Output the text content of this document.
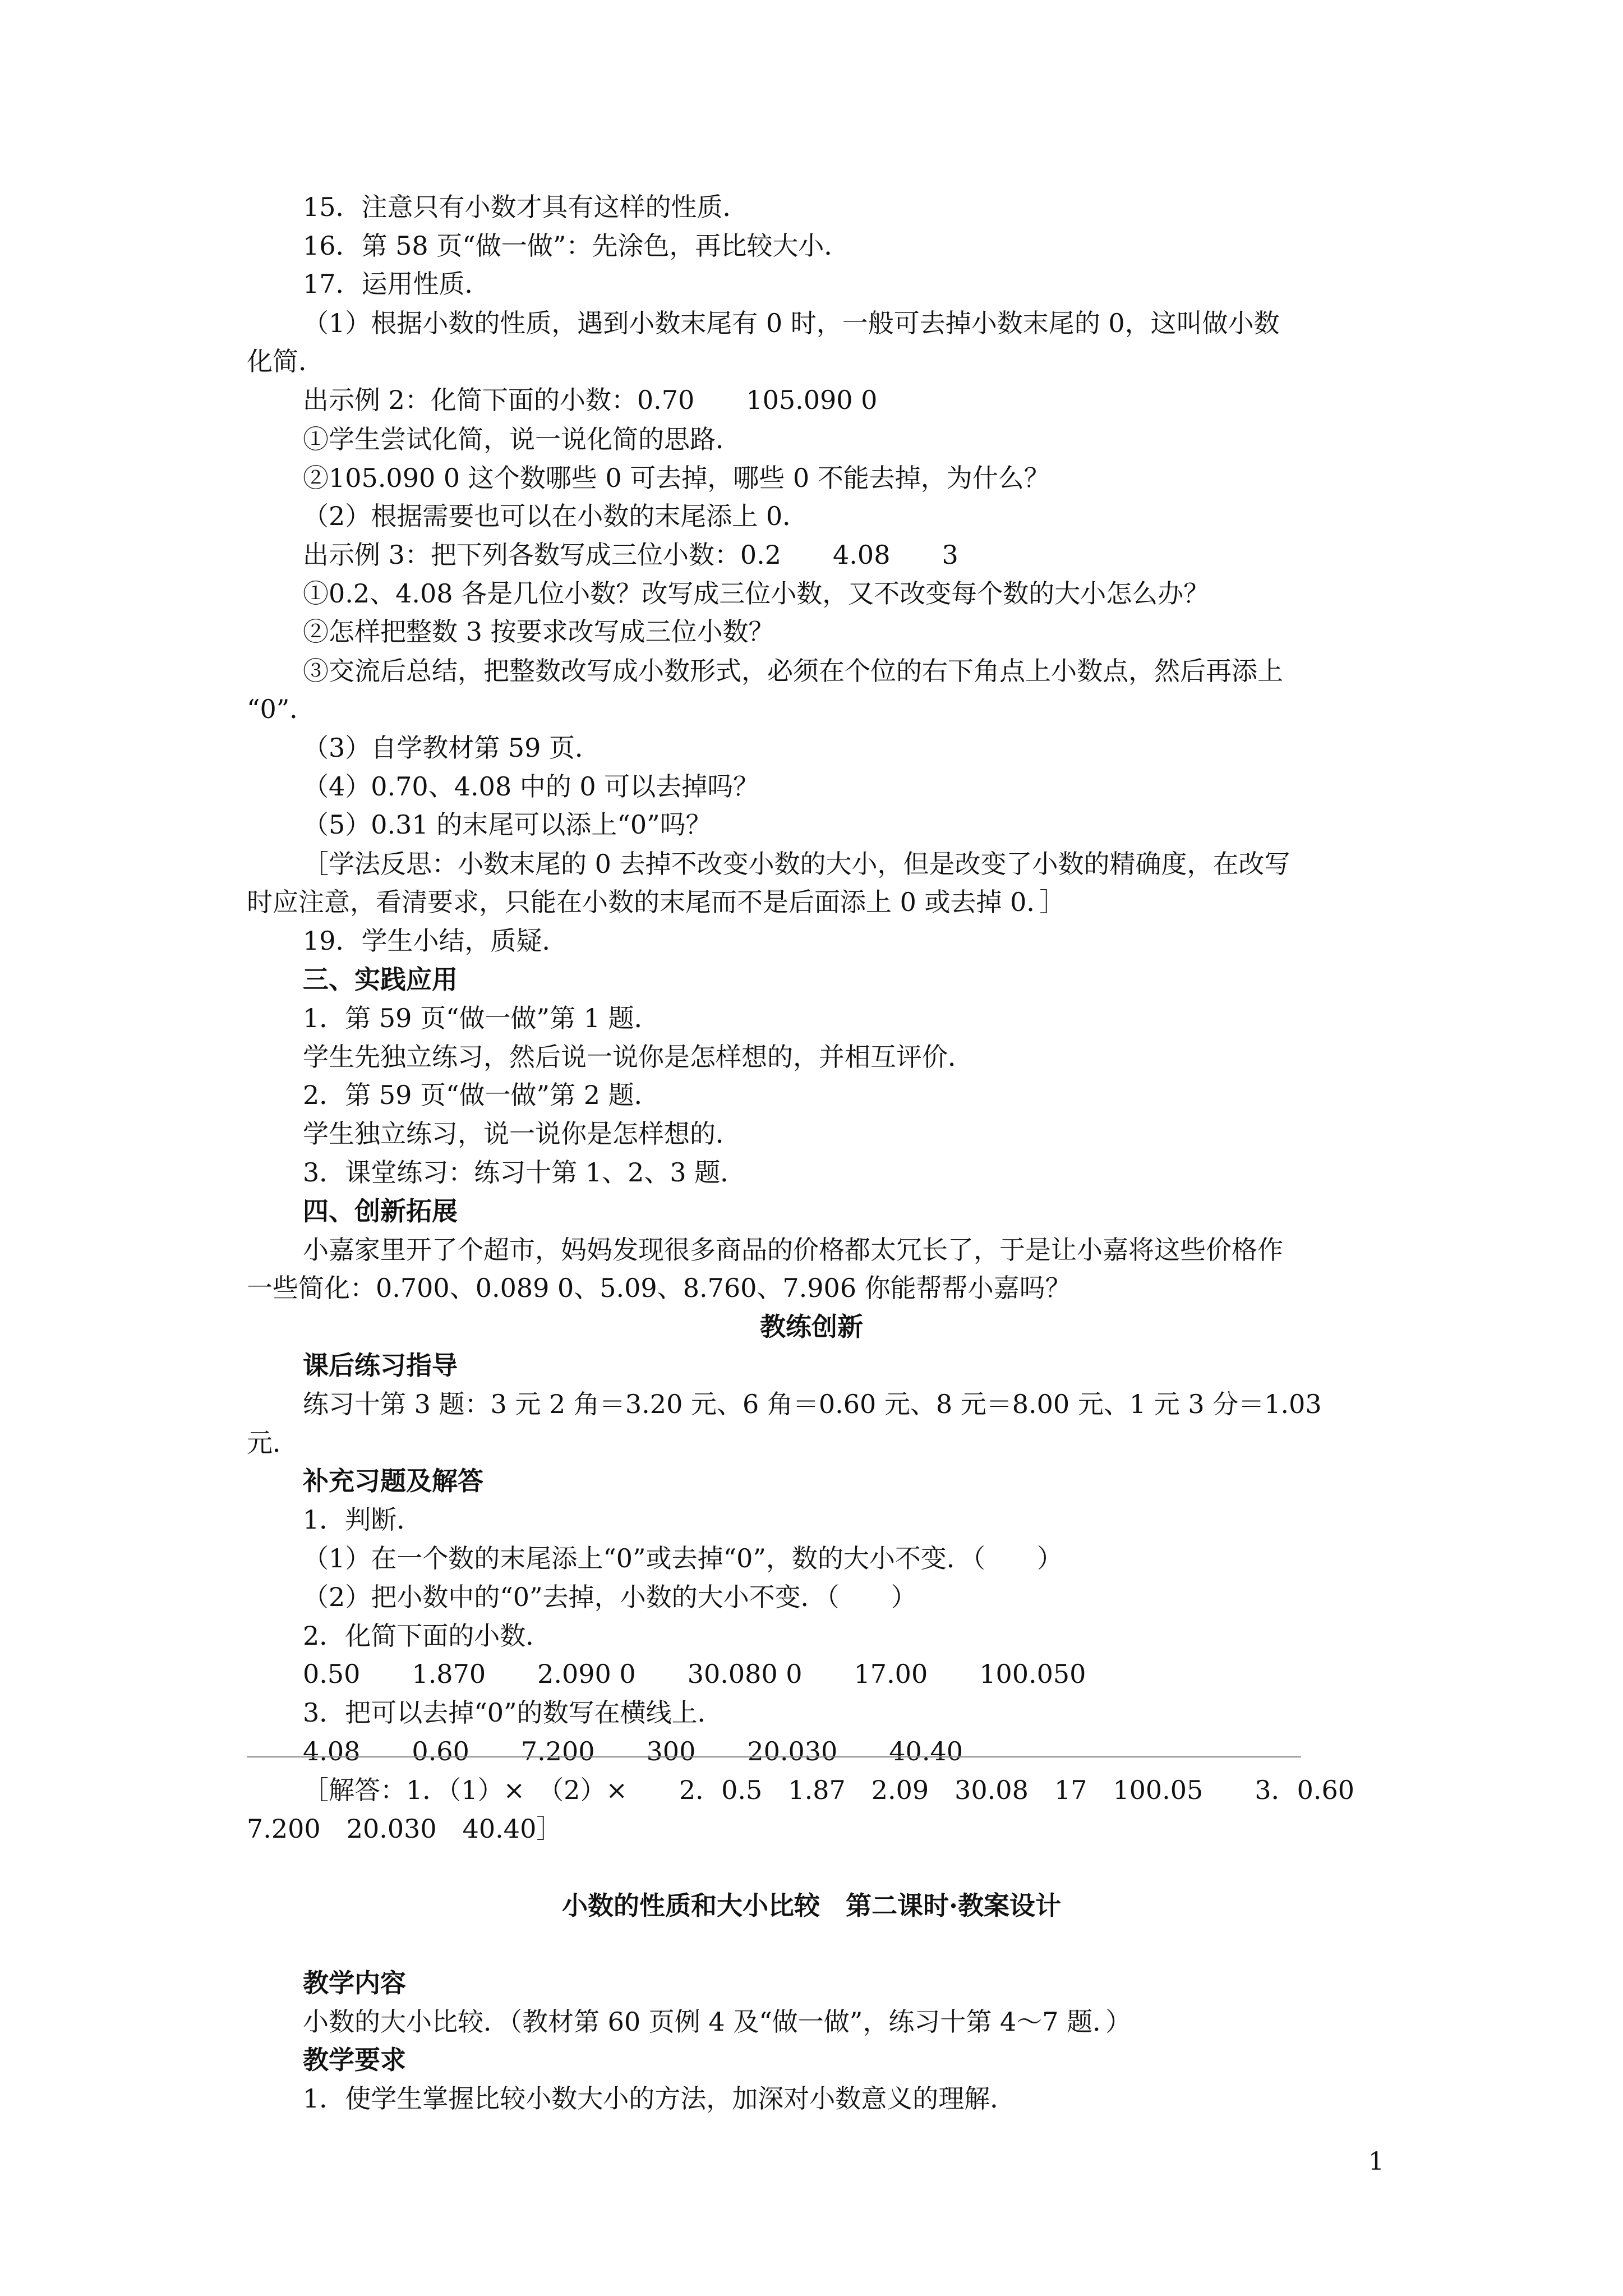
15．注意只有小数才具有这样的性质．
16．第 58 页“做一做”：先涂色，再比较大小．
17．运用性质．
（1）根据小数的性质，遇到小数末尾有 0 时，一般可去掉小数末尾的 0，这叫做小数
化简．
出示例 2：化简下面的小数：0.70　　105.090 0
①学生尝试化简，说一说化简的思路．
②105.090 0 这个数哪些 0 可去掉，哪些 0 不能去掉，为什么？
（2）根据需要也可以在小数的末尾添上 0．
出示例 3：把下列各数写成三位小数：0.2　　4.08　　3
①0.2、4.08 各是几位小数？改写成三位小数，又不改变每个数的大小怎么办？
②怎样把整数 3 按要求改写成三位小数？
③交流后总结，把整数改写成小数形式，必须在个位的右下角点上小数点，然后再添上
“0”．
（3）自学教材第 59 页．
（4）0.70、4.08 中的 0 可以去掉吗？
（5）0.31 的末尾可以添上“0”吗？
［学法反思：小数末尾的 0 去掉不改变小数的大小，但是改变了小数的精确度，在改写
时应注意，看清要求，只能在小数的末尾而不是后面添上 0 或去掉 0．］
19．学生小结，质疑．
三、实践应用
1．第 59 页“做一做”第 1 题．
学生先独立练习，然后说一说你是怎样想的，并相互评价．
2．第 59 页“做一做”第 2 题．
学生独立练习，说一说你是怎样想的．
3．课堂练习：练习十第 1、2、3 题．
四、创新拓展
小嘉家里开了个超市，妈妈发现很多商品的价格都太冗长了，于是让小嘉将这些价格作
一些简化：0.700、0.089 0、5.09、8.760、7.906 你能帮帮小嘉吗？
教练创新
课后练习指导
练习十第 3 题：3 元 2 角＝3.20 元、6 角＝0.60 元、8 元＝8.00 元、1 元 3 分＝1.03
元．
补充习题及解答
1．判断．
（1）在一个数的末尾添上“0”或去掉“0”，数的大小不变．（　　）
（2）把小数中的“0”去掉，小数的大小不变．（　　）
2．化简下面的小数．
0.50　　1.870　　2.090 0　　30.080 0　　17.00　　100.050
3．把可以去掉“0”的数写在横线上．
4.08　　0.60　　7.200　　300　　20.030　　40.40
［解答：1．（1）×　（2）×　　2．0.5　1.87　2.09　30.08　17　100.05　　3．0.60
7.200　20.030　40.40］
小数的性质和大小比较　第二课时·教案设计
教学内容
小数的大小比较．（教材第 60 页例 4 及“做一做”，练习十第 4～7 题．）
教学要求
1．使学生掌握比较小数大小的方法，加深对小数意义的理解．
1
